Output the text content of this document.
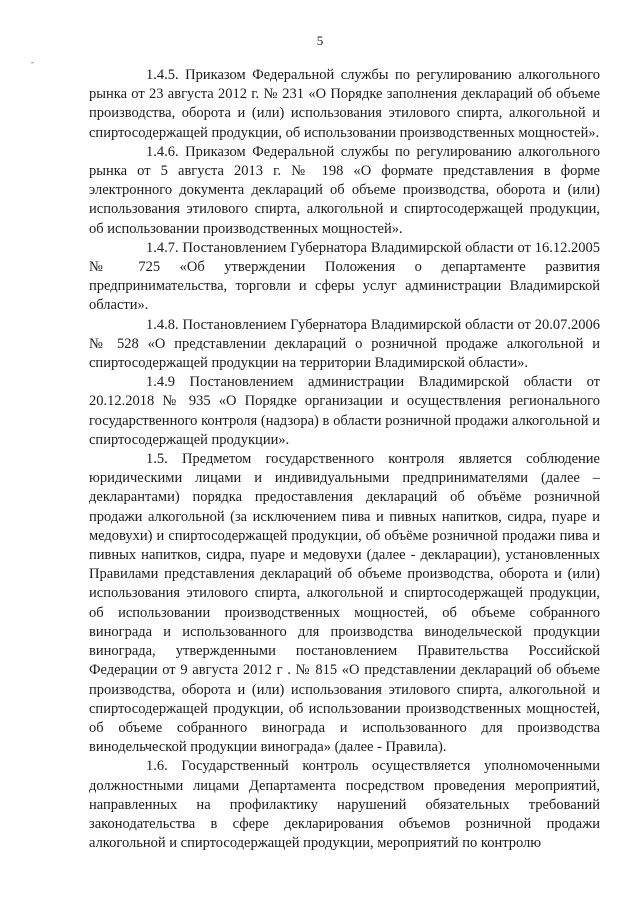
-
5

1.4.5. Приказом Федеральной службы по регулированию алкогольного рынка от 23 августа 2012 г. № 231 «О Порядке заполнения деклараций об объеме производства, оборота и (или) использования этилового спирта, алкогольной и спиртосодержащей продукции, об использовании производственных мощностей».

1.4.6. Приказом Федеральной службы по регулированию алкогольного рынка от 5 августа 2013 г. № 198 «О формате представления в форме электронного документа деклараций об объеме производства, оборота и (или) использования этилового спирта, алкогольной и спиртосодержащей продукции, об использовании производственных мощностей».

1.4.7. Постановлением Губернатора Владимирской области от 16.12.2005 № 725 «Об утверждении Положения о департаменте развития предпринимательства, торговли и сферы услуг администрации Владимирской области».

1.4.8. Постановлением Губернатора Владимирской области от 20.07.2006 № 528 «О представлении деклараций о розничной продаже алкогольной и спиртосодержащей продукции на территории Владимирской области».

1.4.9 Постановлением администрации Владимирской области от 20.12.2018 № 935 «О Порядке организации и осуществления регионального государственного контроля (надзора) в области розничной продажи алкогольной и спиртосодержащей продукции».

1.5. Предметом государственного контроля является соблюдение юридическими лицами и индивидуальными предпринимателями (далее – декларантами) порядка предоставления деклараций об объёме розничной продажи алкогольной (за исключением пива и пивных напитков, сидра, пуаре и медовухи) и спиртосодержащей продукции, об объёме розничной продажи пива и пивных напитков, сидра, пуаре и медовухи (далее - декларации), установленных Правилами представления деклараций об объеме производства, оборота и (или) использования этилового спирта, алкогольной и спиртосодержащей продукции, об использовании производственных мощностей, об объеме собранного винограда и использованного для производства винодельческой продукции винограда, утвержденными постановлением Правительства Российской Федерации от 9 августа 2012 г . № 815 «О представлении деклараций об объеме производства, оборота и (или) использования этилового спирта, алкогольной и спиртосодержащей продукции, об использовании производственных мощностей, об объеме собранного винограда и использованного для производства винодельческой продукции винограда» (далее - Правила).

1.6. Государственный контроль осуществляется уполномоченными должностными лицами Департамента посредством проведения мероприятий, направленных на профилактику нарушений обязательных требований законодательства в сфере декларирования объемов розничной продажи алкогольной и спиртосодержащей продукции, мероприятий по контролю
